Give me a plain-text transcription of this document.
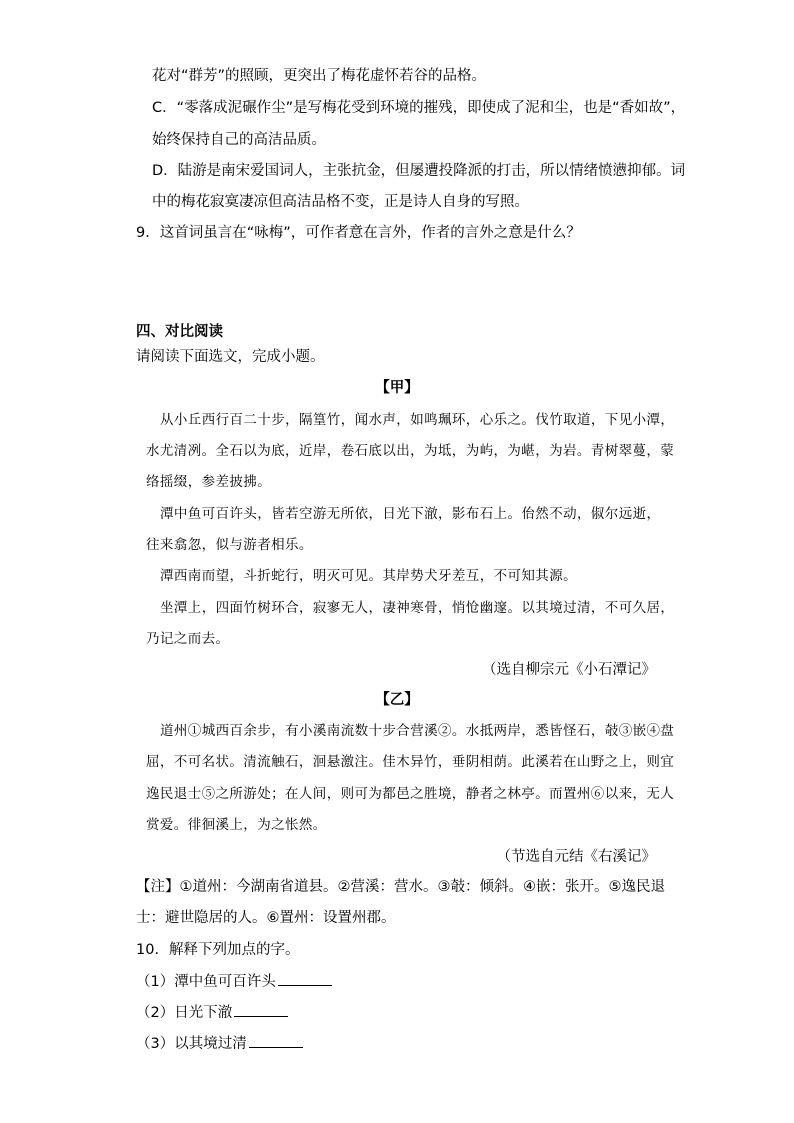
花对“群芳”的照顾，更突出了梅花虚怀若谷的品格。
C．“零落成泥碾作尘”是写梅花受到环境的摧残，即使成了泥和尘，也是“香如故”，
始终保持自己的高洁品质。
D．陆游是南宋爱国词人，主张抗金，但屡遭投降派的打击，所以情绪愤懑抑郁。词
中的梅花寂寞凄凉但高洁品格不变，正是诗人自身的写照。
9．这首词虽言在“咏梅”，可作者意在言外，作者的言外之意是什么？
四、对比阅读
请阅读下面选文，完成小题。
【甲】
从小丘西行百二十步，隔篁竹，闻水声，如鸣珮环，心乐之。伐竹取道，下见小潭，
水尤清冽。全石以为底，近岸，卷石底以出，为坻，为屿，为嵁，为岩。青树翠蔓，蒙
络摇缀，参差披拂。
潭中鱼可百许头，皆若空游无所依，日光下澈，影布石上。佁然不动，俶尔远逝，
往来翕忽，似与游者相乐。
潭西南而望，斗折蛇行，明灭可见。其岸势犬牙差互，不可知其源。
坐潭上，四面竹树环合，寂寥无人，凄神寒骨，悄怆幽邃。以其境过清，不可久居，
乃记之而去。
（选自柳宗元《小石潭记》
【乙】
道州①城西百余步，有小溪南流数十步合营溪②。水抵两岸，悉皆怪石，攲③嵌④盘
屈，不可名状。清流触石，洄悬激注。佳木异竹，垂阴相荫。此溪若在山野之上，则宜
逸民退士⑤之所游处；在人间，则可为都邑之胜境，静者之林亭。而置州⑥以来，无人
赏爱。徘徊溪上，为之怅然。
（节选自元结《右溪记》
【注】①道州：今湖南省道县。②营溪：营水。③攲：倾斜。④嵌：张开。⑤逸民退
士：避世隐居的人。⑥置州：设置州郡。
10．解释下列加点的字。
（1）潭中鱼可百许头
（2）日光下澈
（3）以其境过清
